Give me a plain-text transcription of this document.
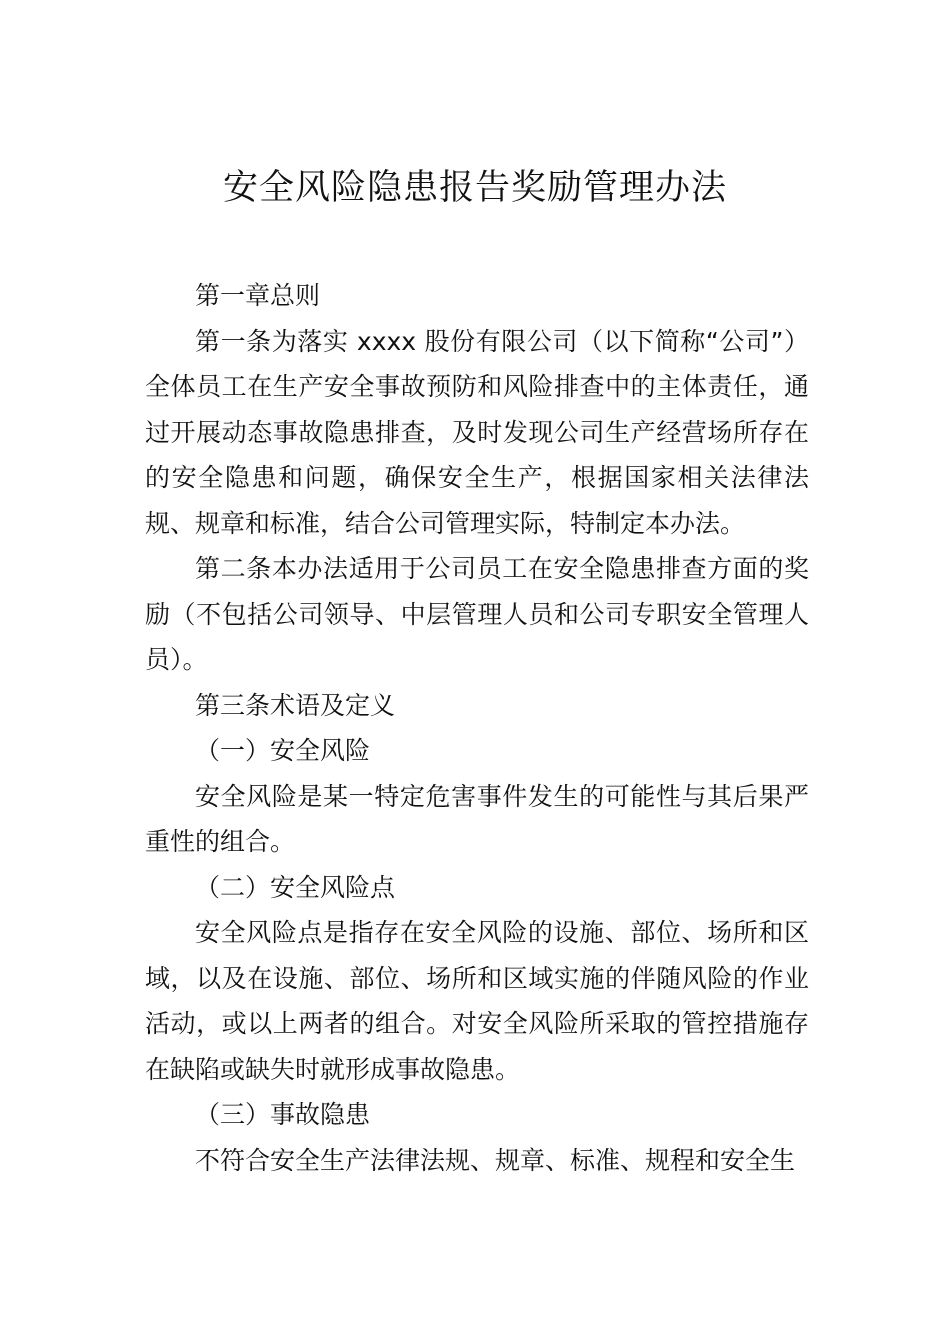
安全风险隐患报告奖励管理办法

第一章总则

第一条为落实 xxxx 股份有限公司（以下简称“公司”）全体员工在生产安全事故预防和风险排查中的主体责任，通过开展动态事故隐患排查，及时发现公司生产经营场所存在的安全隐患和问题，确保安全生产，根据国家相关法律法规、规章和标准，结合公司管理实际，特制定本办法。

第二条本办法适用于公司员工在安全隐患排查方面的奖励（不包括公司领导、中层管理人员和公司专职安全管理人员）。

第三条术语及定义

（一）安全风险

安全风险是某一特定危害事件发生的可能性与其后果严重性的组合。

（二）安全风险点

安全风险点是指存在安全风险的设施、部位、场所和区域，以及在设施、部位、场所和区域实施的伴随风险的作业活动，或以上两者的组合。对安全风险所采取的管控措施存在缺陷或缺失时就形成事故隐患。

（三）事故隐患

不符合安全生产法律法规、规章、标准、规程和安全生
